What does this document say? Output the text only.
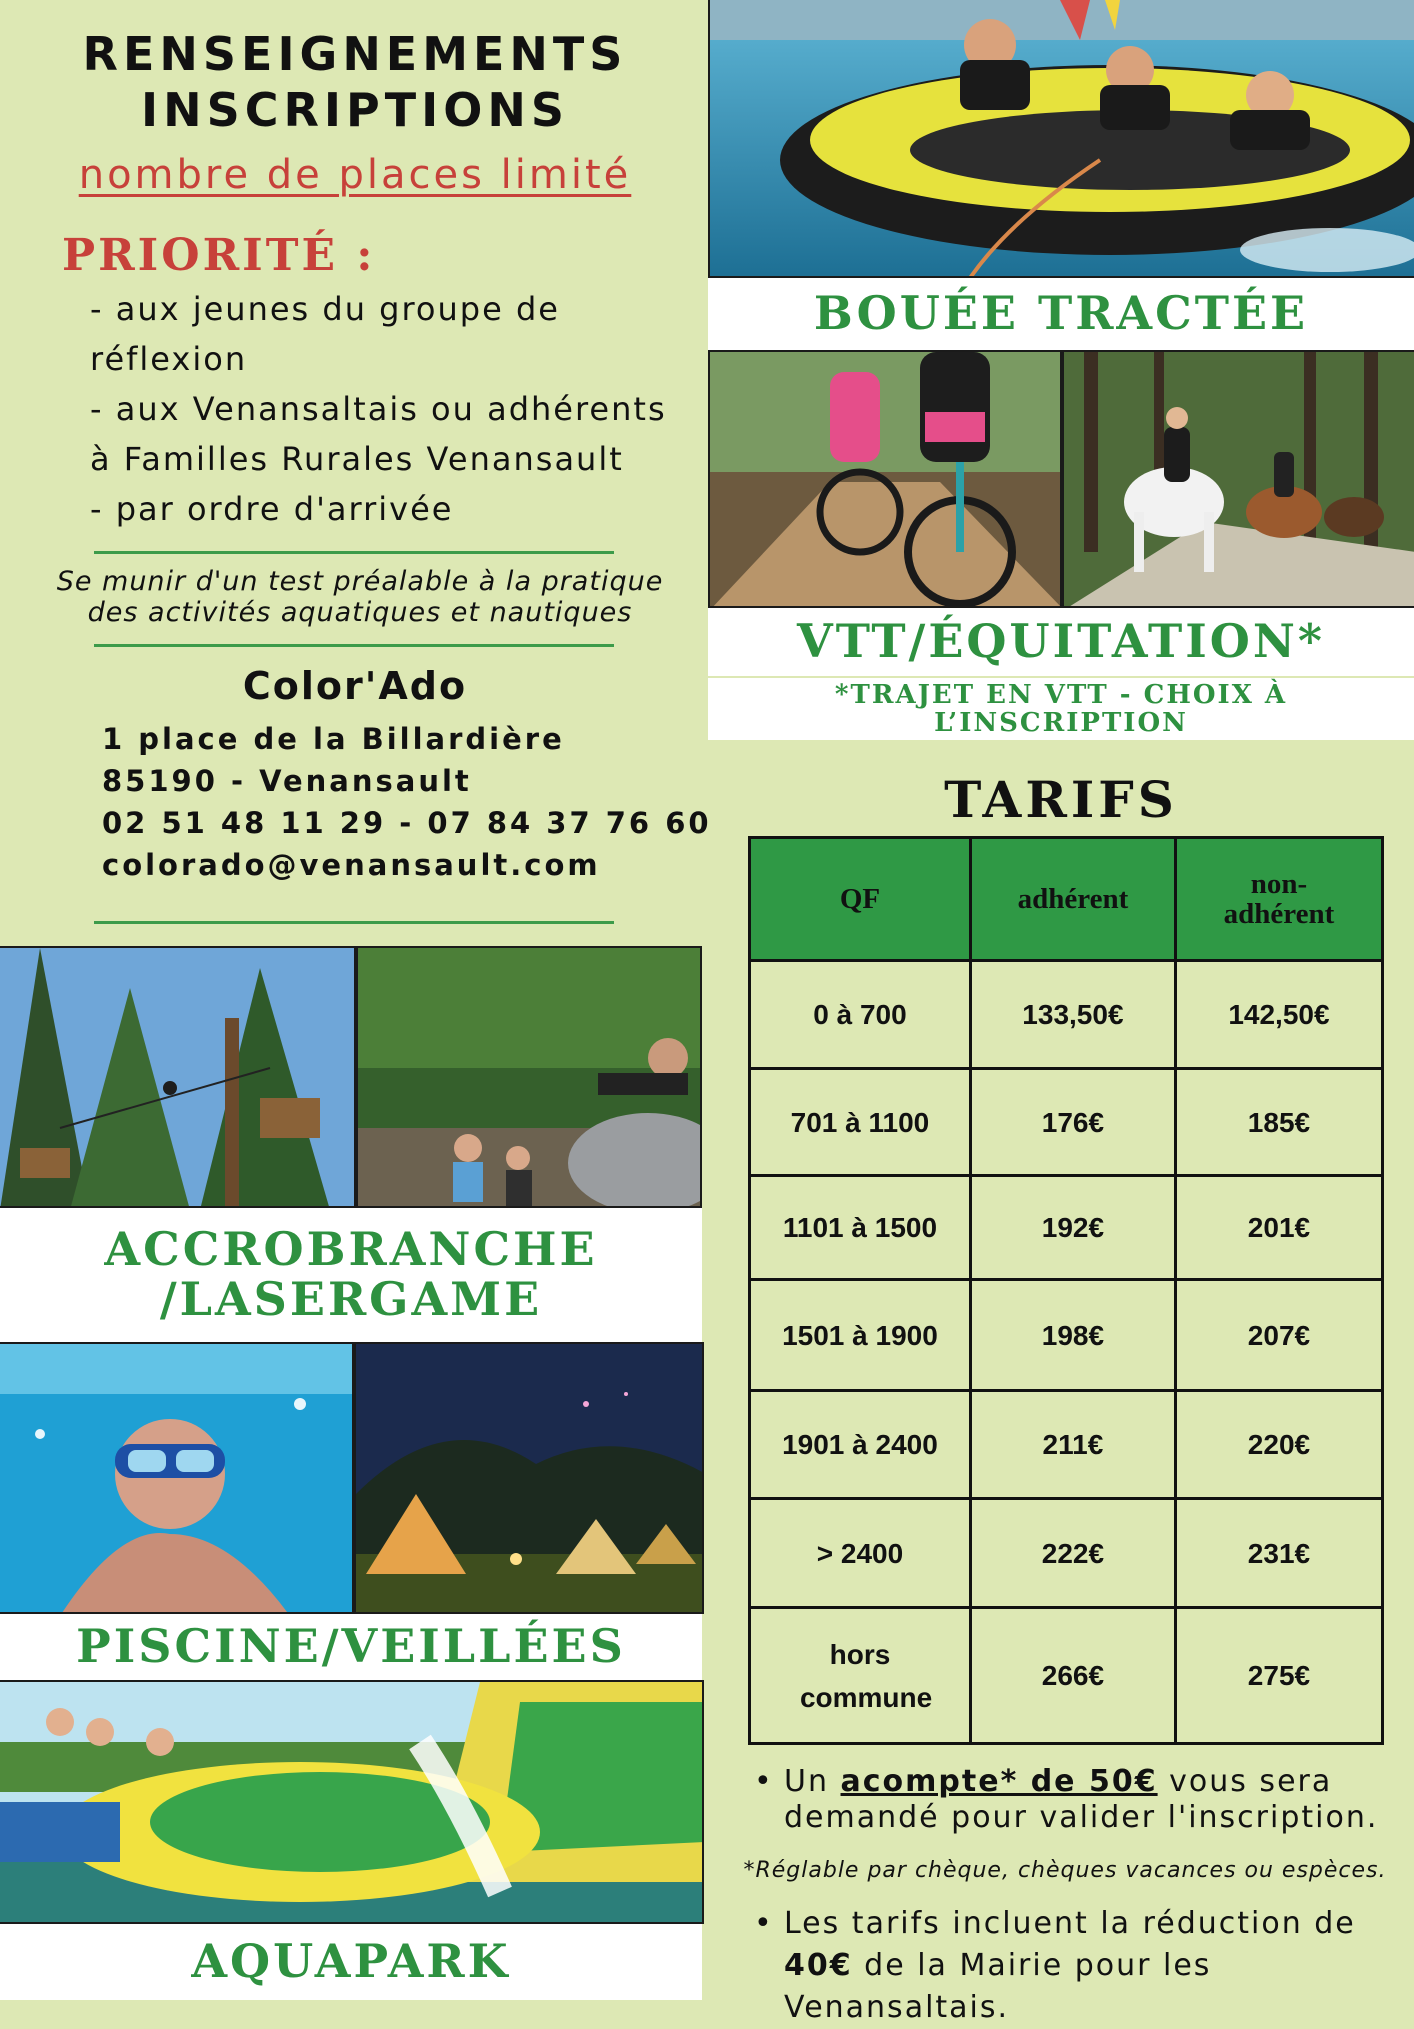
RENSEIGNEMENTS
INSCRIPTIONS
nombre de places limité
PRIORITÉ :
- aux jeunes du groupe de
réflexion
- aux Venansaltais ou adhérents
à Familles Rurales Venansault
- par ordre d'arrivée
Se munir d'un test préalable à la pratique
des activités aquatiques et nautiques
Color'Ado
1 place de la Billardière
85190 - Venansault
02 51 48 11 29 - 07 84 37 76 60
colorado@venansault.com
BOUÉE TRACTÉE
VTT/ÉQUITATION*
*TRAJET EN VTT - CHOIX À L’INSCRIPTION
TARIFS
QF	adhérent	non-adhérent

0 à 700	133,50€	142,50€
701 à 1100	176€	185€
1101 à 1500	192€	201€
1501 à 1900	198€	207€
1901 à 2400	211€	220€
> 2400	222€	231€

hors commune	266€	275€
• Un acompte* de 50€ vous sera demandé pour valider l'inscription.
*Réglable par chèque, chèques vacances ou espèces.
• Les tarifs incluent la réduction de 40€ de la Mairie pour les Venansaltais.
ACCROBRANCHE
/LASERGAME
PISCINE/VEILLÉES
AQUAPARK
